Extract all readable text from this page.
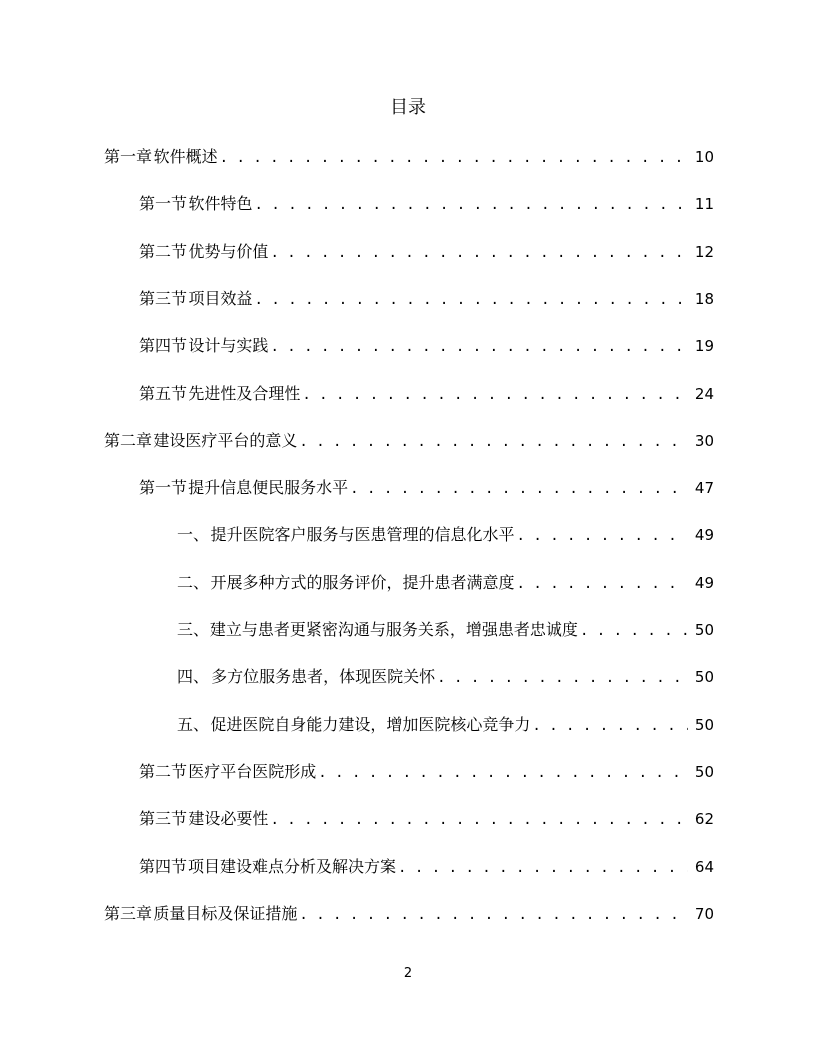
目录
第一章 软件概述 . . .	10
第一节 软件特色 . . .	11
第二节 优势与价值 . . .	12
第三节 项目效益 . . .	18
第四节 设计与实践 . . .	19
第五节 先进性及合理性 . . .	24
第二章 建设医疗平台的意义 . . .	30
第一节 提升信息便民服务水平 . . .	47
一、 提升医院客户服务与医患管理的信息化水平 . . .	49
二、 开展多种方式的服务评价，提升患者满意度 . . .	49
三、 建立与患者更紧密沟通与服务关系，增强患者忠诚度 . . .	50
四、 多方位服务患者，体现医院关怀 . . .	50
五、 促进医院自身能力建设，增加医院核心竞争力 . . .	50
第二节 医疗平台医院形成 . . .	50
第三节 建设必要性 . . .	62
第四节 项目建设难点分析及解决方案 . . .	64
第三章 质量目标及保证措施 . . .	70
2
